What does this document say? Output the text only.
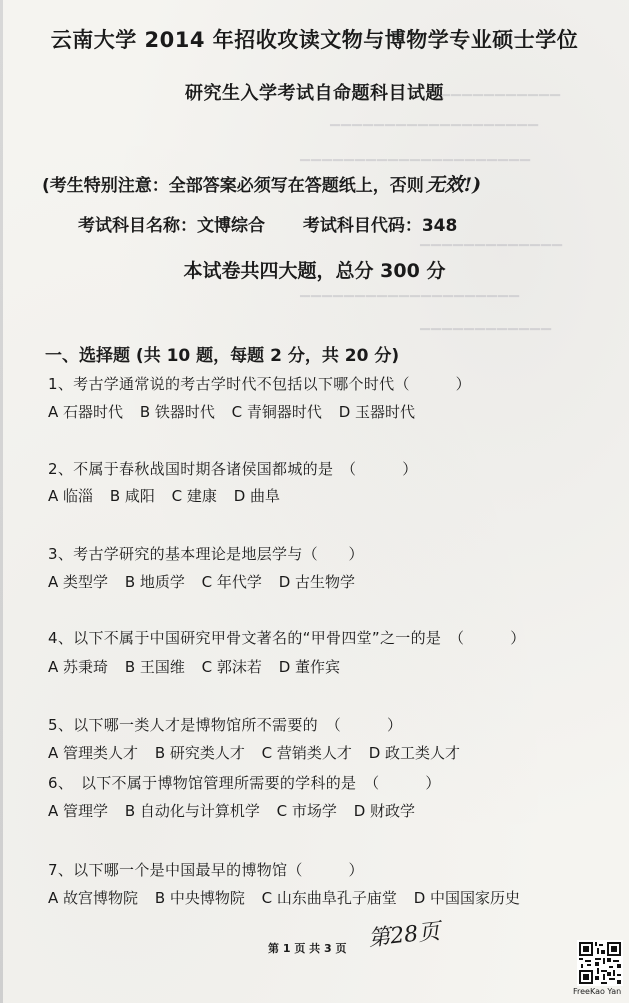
▁▁▁▁▁▁▁▁▁▁▁
▁▁▁▁▁▁▁▁▁▁▁▁▁▁▁▁▁▁▁
▁▁▁▁▁▁▁▁▁▁▁▁▁▁▁▁▁▁▁▁▁
▁▁▁▁▁▁▁▁▁▁▁▁▁
▁▁▁▁▁▁▁▁▁▁▁▁▁▁▁▁▁▁▁▁
▁▁▁▁▁▁▁▁▁▁▁▁
云南大学 2014 年招收攻读文物与博物学专业硕士学位
研究生入学考试自命题科目试题
(考生特别注意：全部答案必须写在答题纸上，否则 无效!)
考试科目名称：文博综合 考试科目代码：348
本试卷共四大题，总分 300 分
一、选择题 (共 10 题，每题 2 分，共 20 分)
1、考古学通常说的考古学时代不包括以下哪个时代（　　　）
A 石器时代 B 铁器时代 C 青铜器时代 D 玉器时代
2、不属于春秋战国时期各诸侯国都城的是　（　　　）
A 临淄 B 咸阳 C 建康 D 曲阜
3、考古学研究的基本理论是地层学与（　　）
A 类型学 B 地质学 C 年代学 D 古生物学
4、以下不属于中国研究甲骨文著名的“甲骨四堂”之一的是　（　　　）
A 苏秉琦 B 王国维 C 郭沫若 D 董作宾
5、以下哪一类人才是博物馆所不需要的　（　　　）
A 管理类人才 B 研究类人才 C 营销类人才 D 政工类人才
6、　以下不属于博物馆管理所需要的学科的是　（　　　）
A 管理学 B 自动化与计算机学 C 市场学 D 财政学
7、以下哪一个是中国最早的博物馆（　　　）
A 故宫博物院 B 中央博物院 C 山东曲阜孔子庙堂 D 中国国家历史
第 1 页 共 3 页 第28页
FreeKao Yan
